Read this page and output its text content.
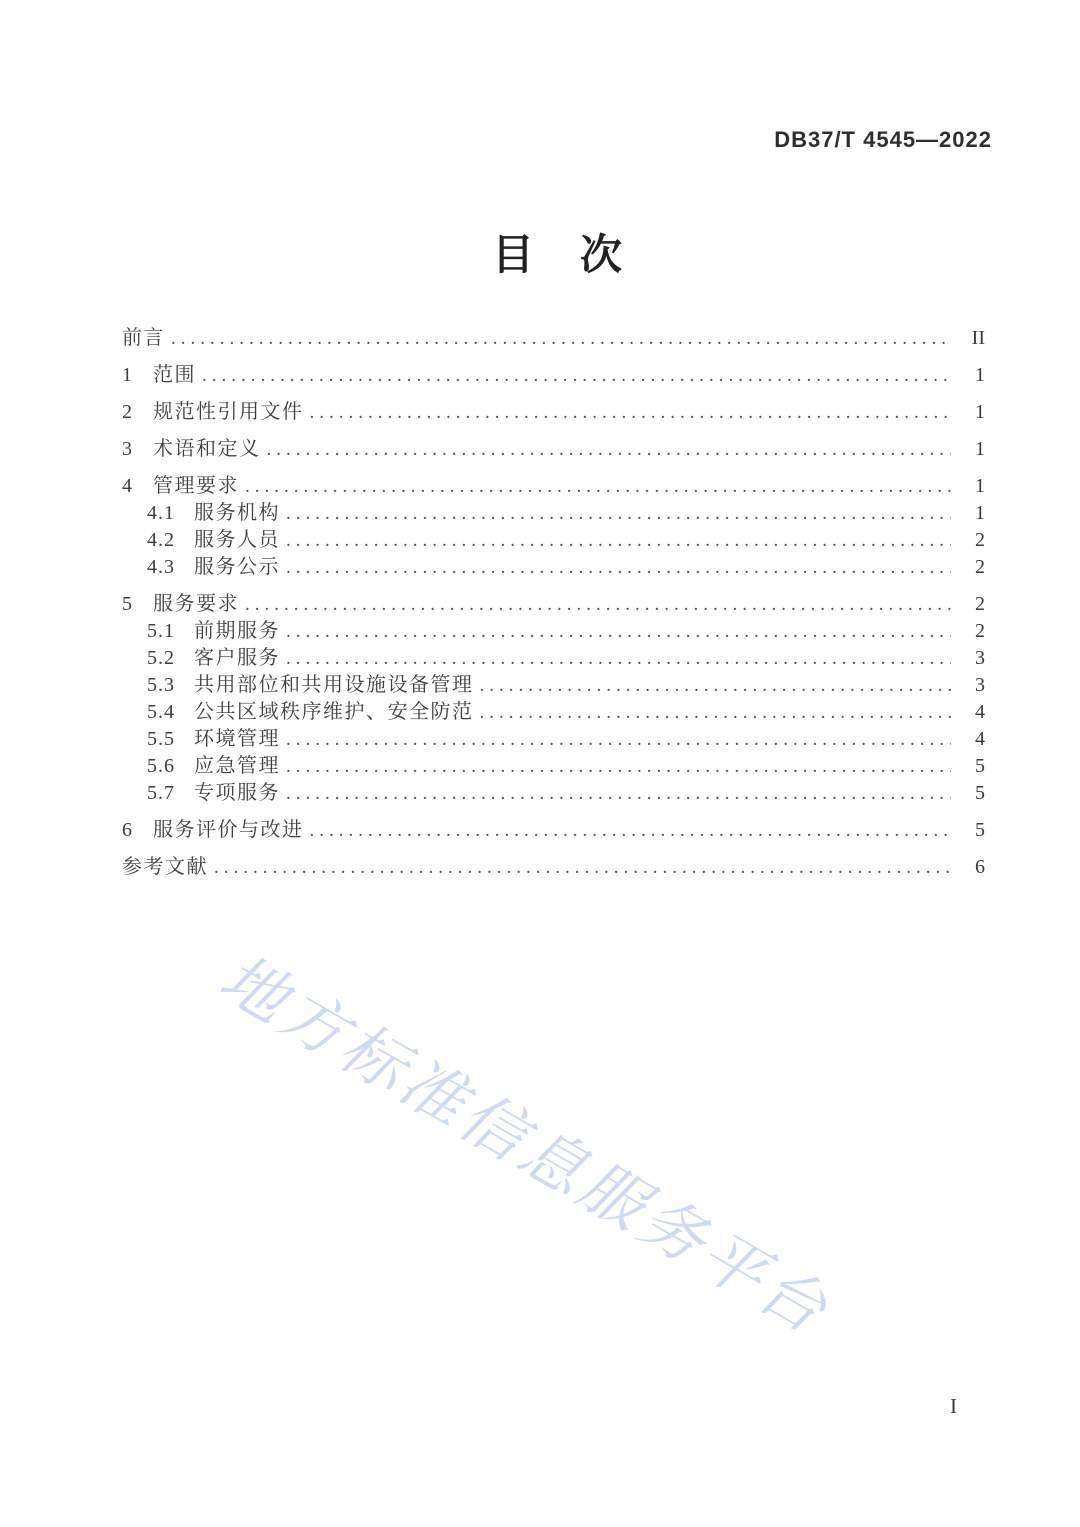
DB37/T 4545—2022
目　次
前言 .....	II
1	范围 .....	1
2	规范性引用文件 .....	1
3	术语和定义 .....	1
4	管理要求 .....	1
4.1 服务机构 .....	1
4.2 服务人员 .....	2
4.3 服务公示 .....	2
5	服务要求 .....	2
5.1 前期服务 .....	2
5.2 客户服务 .....	3
5.3 共用部位和共用设施设备管理 .....	3
5.4 公共区域秩序维护、安全防范 .....	4
5.5 环境管理 .....	4
5.6 应急管理 .....	5
5.7 专项服务 .....	5
6	服务评价与改进 .....	5
参考文献 .....	6
地方标准信息服务平台
I
